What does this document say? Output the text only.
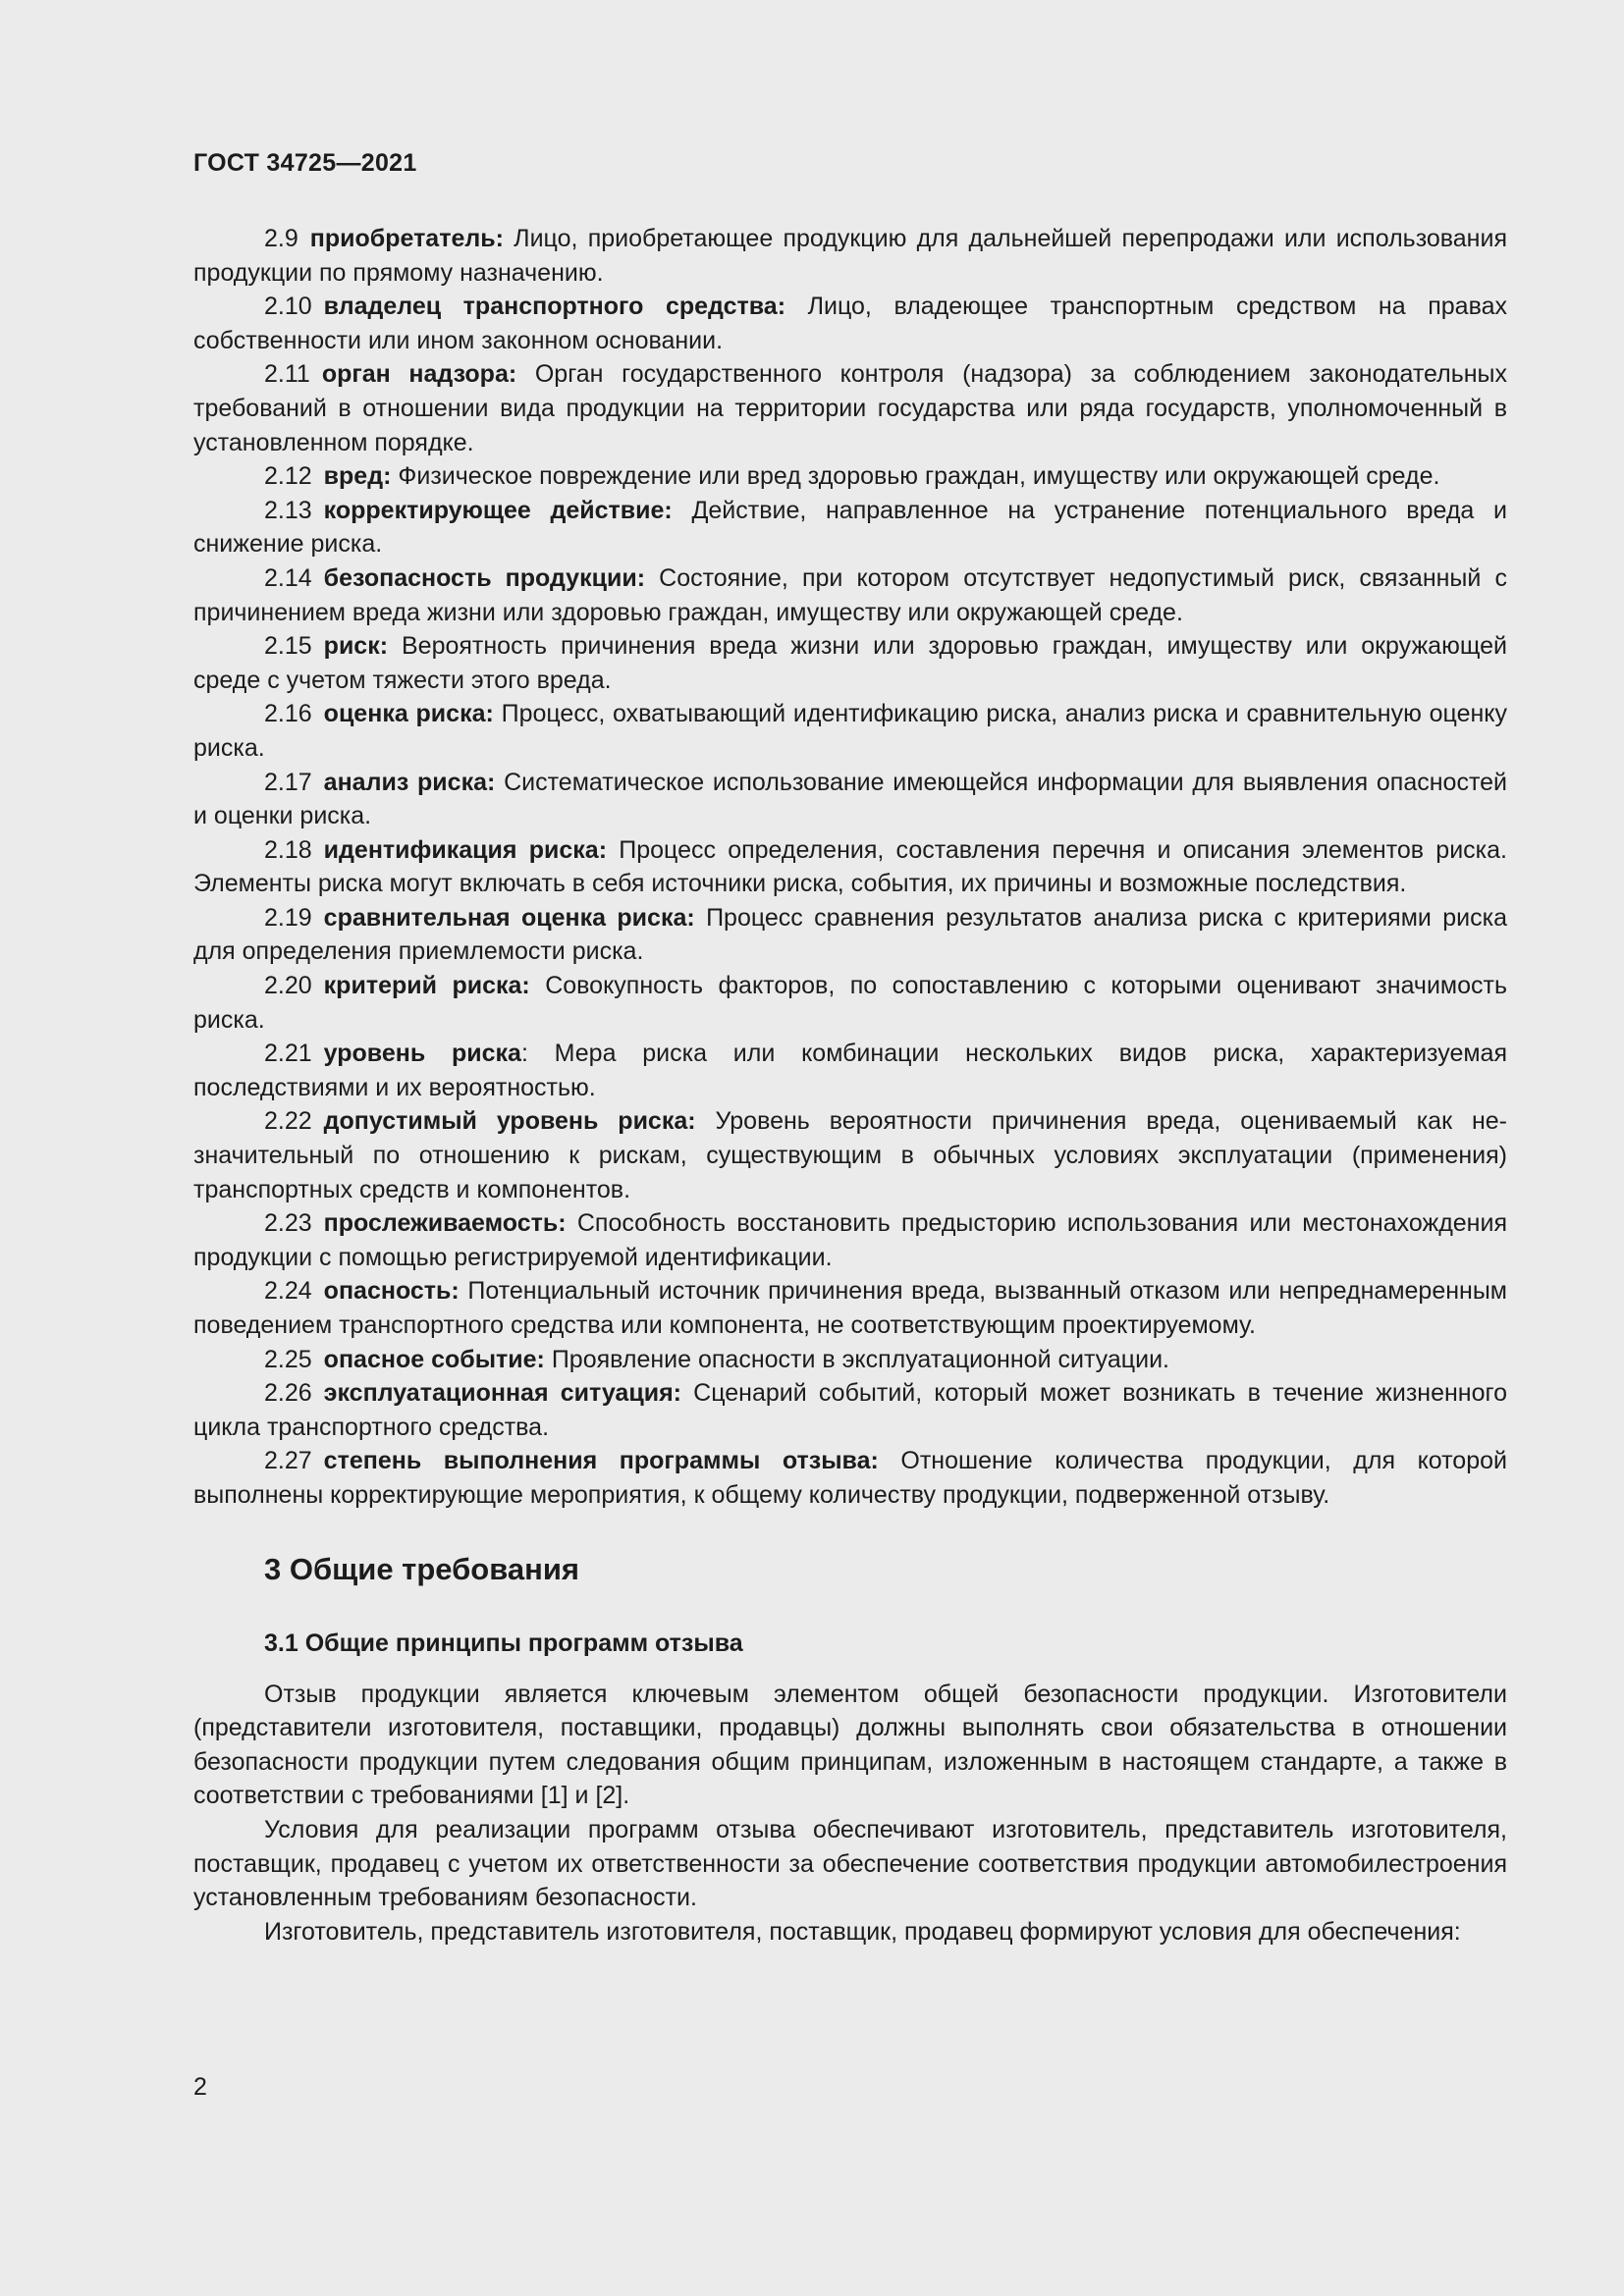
ГОСТ 34725—2021

2.9 приобретатель: Лицо, приобретающее продукцию для дальнейшей перепродажи или использования продукции по прямому назначению.

2.10 владелец транспортного средства: Лицо, владеющее транспортным средством на правах собственности или ином законном основании.

2.11 орган надзора: Орган государственного контроля (надзора) за соблюдением законодательных требований в отношении вида продукции на территории государства или ряда государств, уполномоченный в установленном порядке.

2.12 вред: Физическое повреждение или вред здоровью граждан, имуществу или окружающей среде.

2.13 корректирующее действие: Действие, направленное на устранение потенциального вреда и снижение риска.

2.14 безопасность продукции: Состояние, при котором отсутствует недопустимый риск, связанный с причинением вреда жизни или здоровью граждан, имуществу или окружающей среде.

2.15 риск: Вероятность причинения вреда жизни или здоровью граждан, имуществу или окружающей среде с учетом тяжести этого вреда.

2.16 оценка риска: Процесс, охватывающий идентификацию риска, анализ риска и сравнительную оценку риска.

2.17 анализ риска: Систематическое использование имеющейся информации для выявления опасностей и оценки риска.

2.18 идентификация риска: Процесс определения, составления перечня и описания элементов риска. Элементы риска могут включать в себя источники риска, события, их причины и возможные последствия.

2.19 сравнительная оценка риска: Процесс сравнения результатов анализа риска с критериями риска для определения приемлемости риска.

2.20 критерий риска: Совокупность факторов, по сопоставлению с которыми оценивают значимость риска.

2.21 уровень риска: Мера риска или комбинации нескольких видов риска, характеризуемая последствиями и их вероятностью.

2.22 допустимый уровень риска: Уровень вероятности причинения вреда, оцениваемый как незначительный по отношению к рискам, существующим в обычных условиях эксплуатации (применения) транспортных средств и компонентов.

2.23 прослеживаемость: Способность восстановить предысторию использования или местонахождения продукции с помощью регистрируемой идентификации.

2.24 опасность: Потенциальный источник причинения вреда, вызванный отказом или непреднамеренным поведением транспортного средства или компонента, не соответствующим проектируемому.

2.25 опасное событие: Проявление опасности в эксплуатационной ситуации.

2.26 эксплуатационная ситуация: Сценарий событий, который может возникать в течение жизненного цикла транспортного средства.

2.27 степень выполнения программы отзыва: Отношение количества продукции, для которой выполнены корректирующие мероприятия, к общему количеству продукции, подверженной отзыву.

3 Общие требования
3.1 Общие принципы программ отзыва

Отзыв продукции является ключевым элементом общей безопасности продукции. Изготовители (представители изготовителя, поставщики, продавцы) должны выполнять свои обязательства в отношении безопасности продукции путем следования общим принципам, изложенным в настоящем стандарте, а также в соответствии с требованиями [1] и [2].

Условия для реализации программ отзыва обеспечивают изготовитель, представитель изготовителя, поставщик, продавец с учетом их ответственности за обеспечение соответствия продукции автомобилестроения установленным требованиям безопасности.

Изготовитель, представитель изготовителя, поставщик, продавец формируют условия для обеспечения:

2
